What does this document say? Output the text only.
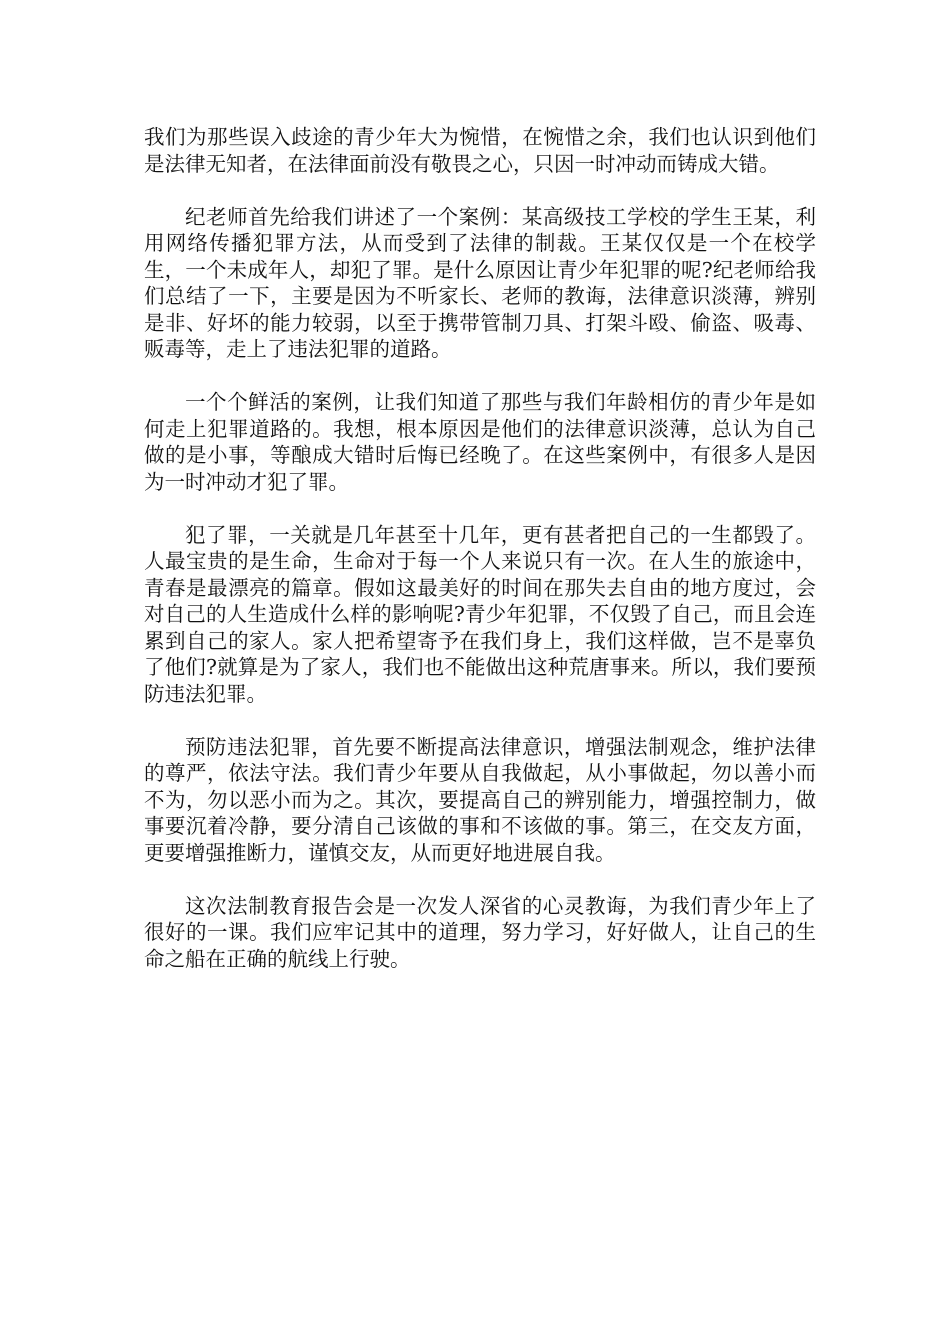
我们为那些误入歧途的青少年大为惋惜，在惋惜之余，我们也认识到他们是法律无知者，在法律面前没有敬畏之心，只因一时冲动而铸成大错。

纪老师首先给我们讲述了一个案例：某高级技工学校的学生王某，利用网络传播犯罪方法，从而受到了法律的制裁。王某仅仅是一个在校学生，一个未成年人，却犯了罪。是什么原因让青少年犯罪的呢?纪老师给我们总结了一下，主要是因为不听家长、老师的教诲，法律意识淡薄，辨别是非、好坏的能力较弱，以至于携带管制刀具、打架斗殴、偷盗、吸毒、贩毒等，走上了违法犯罪的道路。

一个个鲜活的案例，让我们知道了那些与我们年龄相仿的青少年是如何走上犯罪道路的。我想，根本原因是他们的法律意识淡薄，总认为自己做的是小事，等酿成大错时后悔已经晚了。在这些案例中，有很多人是因为一时冲动才犯了罪。

犯了罪，一关就是几年甚至十几年，更有甚者把自己的一生都毁了。人最宝贵的是生命，生命对于每一个人来说只有一次。在人生的旅途中，青春是最漂亮的篇章。假如这最美好的时间在那失去自由的地方度过，会对自己的人生造成什么样的影响呢?青少年犯罪，不仅毁了自己，而且会连累到自己的家人。家人把希望寄予在我们身上，我们这样做，岂不是辜负了他们?就算是为了家人，我们也不能做出这种荒唐事来。所以，我们要预防违法犯罪。

预防违法犯罪，首先要不断提高法律意识，增强法制观念，维护法律的尊严，依法守法。我们青少年要从自我做起，从小事做起，勿以善小而不为，勿以恶小而为之。其次，要提高自己的辨别能力，增强控制力，做事要沉着冷静，要分清自己该做的事和不该做的事。第三，在交友方面，更要增强推断力，谨慎交友，从而更好地进展自我。

这次法制教育报告会是一次发人深省的心灵教诲，为我们青少年上了很好的一课。我们应牢记其中的道理，努力学习，好好做人，让自己的生命之船在正确的航线上行驶。
